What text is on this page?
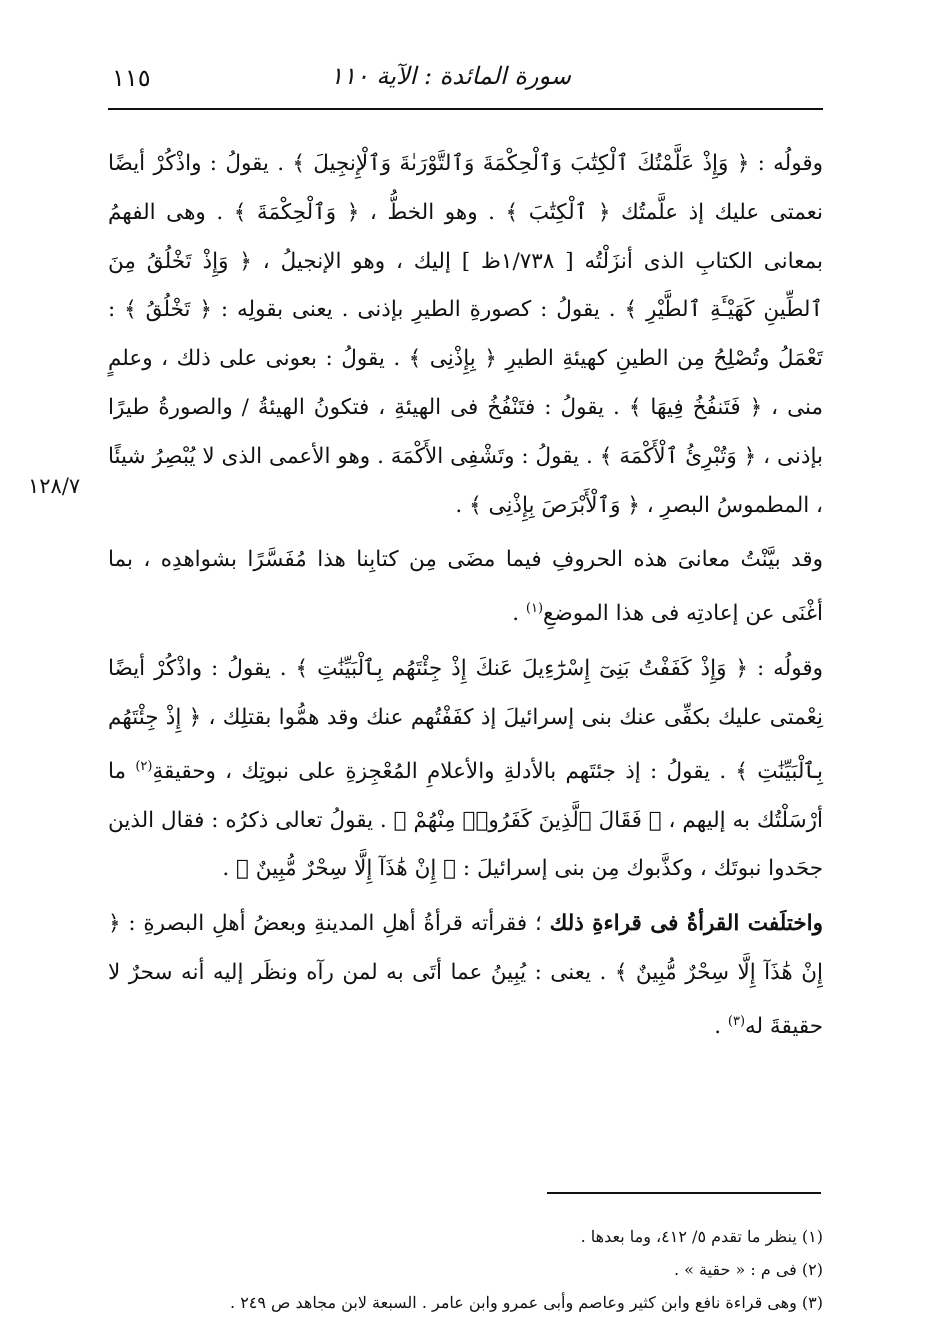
١١٥	سورة المائدة : الآية ١١٠
١٢٨/٧

وقولُه : ﴿ وَإِذْ عَلَّمْتُكَ ٱلْكِتَٰبَ وَٱلْحِكْمَةَ وَٱلتَّوْرَىٰةَ وَٱلْإِنجِيلَ ﴾ . يقولُ : واذْكُرْ أيضًا نعمتى عليك إذ علَّمتُك ﴿ ٱلْكِتَٰبَ ﴾ . وهو الخطُّ ، ﴿ وَٱلْحِكْمَةَ ﴾ . وهى الفهمُ بمعانى الكتابِ الذى أنزَلْتُه [ ١/٧٣٨ظ ] إليك ، وهو الإنجيلُ ، ﴿ وَإِذْ تَخْلُقُ مِنَ ٱلطِّينِ كَهَيْـَٔةِ ٱلطَّيْرِ ﴾ . يقولُ : كصورةِ الطيرِ بإذنى . يعنى بقولِه : ﴿ تَخْلُقُ ﴾ : تَعْمَلُ وتُصْلِحُ مِن الطينِ كهيئةِ الطيرِ ﴿ بِإِذْنِى ﴾ . يقولُ : بعونى على ذلك ، وعلمٍ منى ، ﴿ فَتَنفُخُ فِيهَا ﴾ . يقولُ : فتَنْفُخُ فى الهيئةِ ، فتكونُ الهيئةُ / والصورةُ طيرًا بإذنى ، ﴿ وَتُبْرِئُ ٱلْأَكْمَهَ ﴾ . يقولُ : وتَشْفِى الأَكْمَهَ . وهو الأعمى الذى لا يُبْصِرُ شيئًا ، المطموسُ البصرِ ، ﴿ وَٱلْأَبْرَصَ بِإِذْنِى ﴾ .

وقد بيَّنْتُ معانىَ هذه الحروفِ فيما مضَى مِن كتابِنا هذا مُفَسَّرًا بشواهدِه ، بما أغْنَى عن إعادتِه فى هذا الموضعِ$^{(١)}$ .

وقولُه : ﴿ وَإِذْ كَفَفْتُ بَنِىٓ إِسْرَٰٓءِيلَ عَنكَ إِذْ جِئْتَهُم بِٱلْبَيِّنَٰتِ ﴾ . يقولُ : واذْكُرْ أيضًا نِعْمتى عليك بكفِّى عنك بنى إسرائيلَ إذ كفَفْتُهم عنك وقد همُّوا بقتلِك ، ﴿ إِذْ جِئْتَهُم بِٱلْبَيِّنَٰتِ ﴾ . يقولُ : إذ جئتَهم بالأدلةِ والأعلامِ المُعْجِزةِ على نبوتِك ، وحقيقةِ$^{(٢)}$ ما أرْسَلْتُك به إليهم ، ﴿ فَقَالَ ٱلَّذِينَ كَفَرُوا۟ مِنْهُمْ ﴾ . يقولُ تعالى ذكرُه : فقال الذين جحَدوا نبوتَك ، وكذَّبوك مِن بنى إسرائيلَ : ﴿ إِنْ هَٰذَآ إِلَّا سِحْرٌ مُّبِينٌ ﴾ .

واختلَفت القرأةُ فى قراءةِ ذلك ؛ فقرأته قرأةُ أهلِ المدينةِ وبعضُ أهلِ البصرةِ : ﴿ إِنْ هَٰذَآ إِلَّا سِحْرٌ مُّبِينٌ ﴾ . يعنى : يُبِينُ عما أتَى به لمن رآه ونظَر إليه أنه سحرٌ لا حقيقةَ له$^{(٣)}$ .

(١) ينظر ما تقدم ٥/ ٤١٢، وما بعدها .
(٢) فى م : « حقية » .
(٣) وهى قراءة نافع وابن كثير وعاصم وأبى عمرو وابن عامر . السبعة لابن مجاهد ص ٢٤٩ .
